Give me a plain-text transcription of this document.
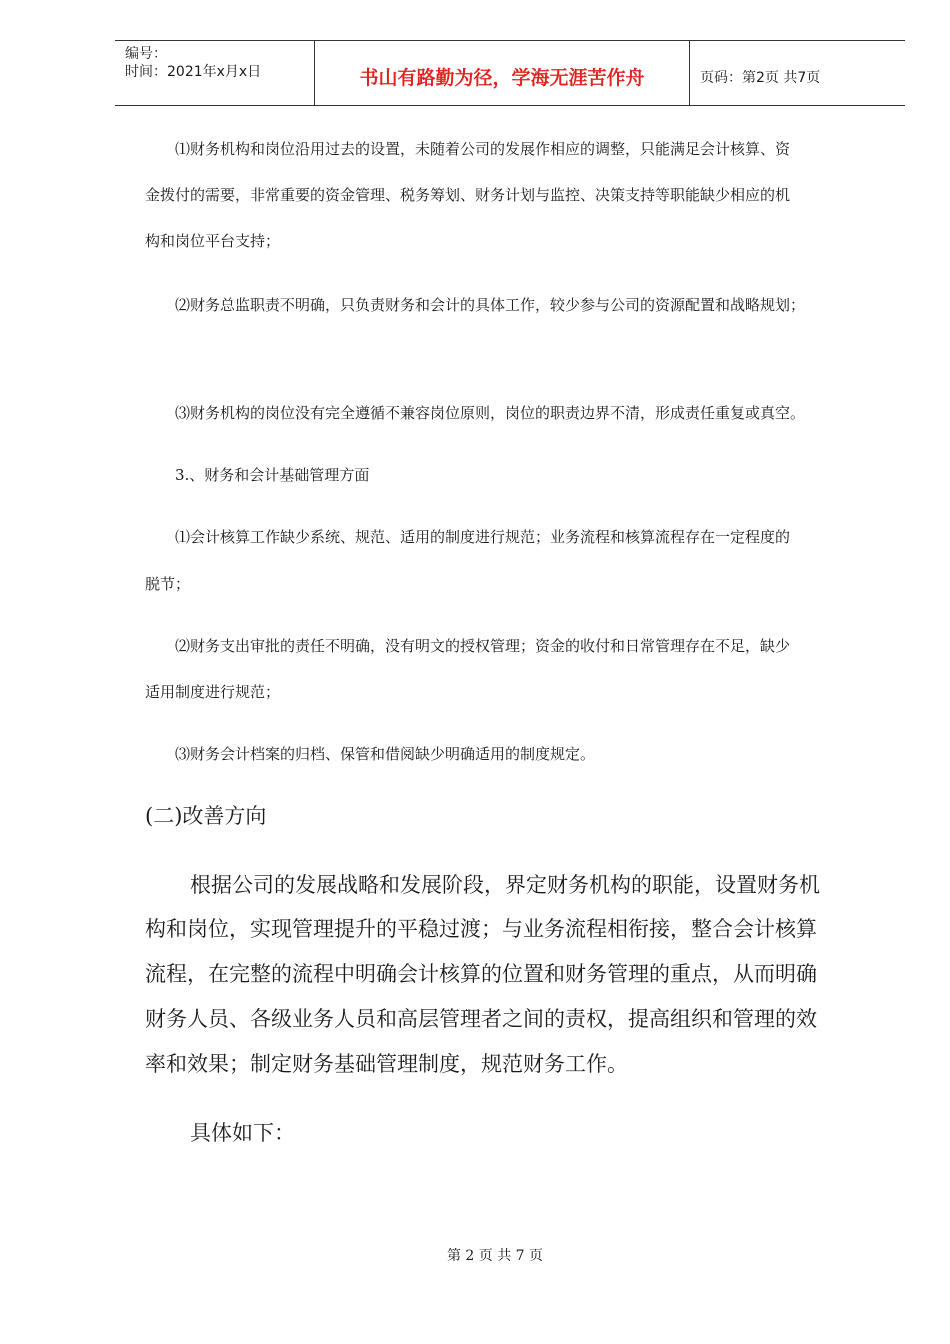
编号：
时间：2021年x月x日	书山有路勤为径，学海无涯苦作舟	页码：第2页 共7页
⑴财务机构和岗位沿用过去的设置，未随着公司的发展作相应的调整，只能满足会计核算、资
金拨付的需要，非常重要的资金管理、税务筹划、财务计划与监控、决策支持等职能缺少相应的机
构和岗位平台支持；
⑵财务总监职责不明确，只负责财务和会计的具体工作，较少参与公司的资源配置和战略规划；
⑶财务机构的岗位没有完全遵循不兼容岗位原则，岗位的职责边界不清，形成责任重复或真空。
3.、财务和会计基础管理方面
⑴会计核算工作缺少系统、规范、适用的制度进行规范；业务流程和核算流程存在一定程度的
脱节；
⑵财务支出审批的责任不明确，没有明文的授权管理；资金的收付和日常管理存在不足，缺少
适用制度进行规范；
⑶财务会计档案的归档、保管和借阅缺少明确适用的制度规定。
(二)改善方向
根据公司的发展战略和发展阶段，界定财务机构的职能，设置财务机
构和岗位，实现管理提升的平稳过渡；与业务流程相衔接，整合会计核算
流程，在完整的流程中明确会计核算的位置和财务管理的重点，从而明确
财务人员、各级业务人员和高层管理者之间的责权，提高组织和管理的效
率和效果；制定财务基础管理制度，规范财务工作。
具体如下：
第 2 页 共 7 页
